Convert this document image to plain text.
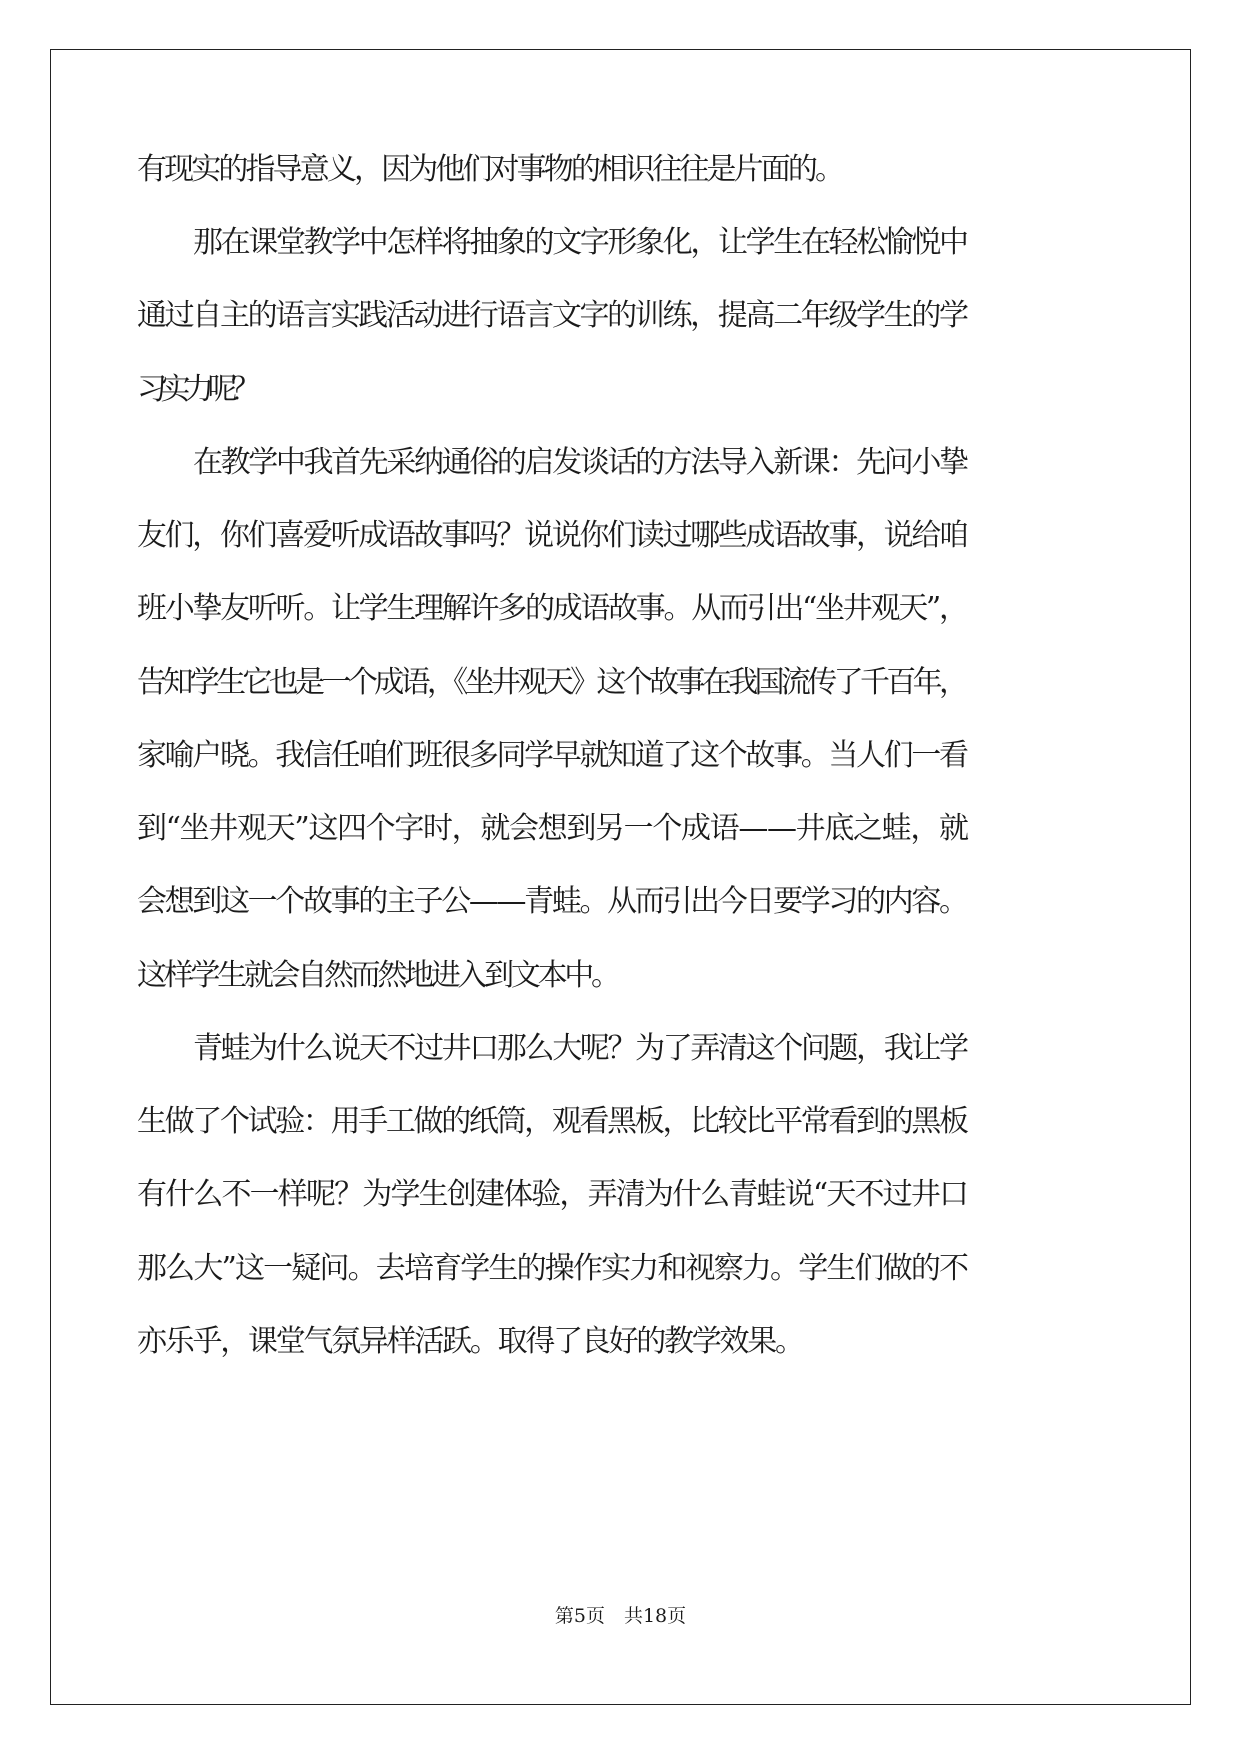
有现实的指导意义，因为他们对事物的相识往往是片面的。
那在课堂教学中怎样将抽象的文字形象化，让学生在轻松愉悦中
通过自主的语言实践活动进行语言文字的训练，提高二年级学生的学
习实力呢？
在教学中我首先采纳通俗的启发谈话的方法导入新课：先问小挚
友们，你们喜爱听成语故事吗？说说你们读过哪些成语故事，说给咱
班小挚友听听。让学生理解许多的成语故事。从而引出“坐井观天”，
告知学生它也是一个成语，《坐井观天》这个故事在我国流传了千百年，
家喻户晓。我信任咱们班很多同学早就知道了这个故事。当人们一看
到“坐井观天”这四个字时，就会想到另一个成语——井底之蛙，就
会想到这一个故事的主子公——青蛙。从而引出今日要学习的内容。
这样学生就会自然而然地进入到文本中。
青蛙为什么说天不过井口那么大呢？为了弄清这个问题，我让学
生做了个试验：用手工做的纸筒，观看黑板，比较比平常看到的黑板
有什么不一样呢？为学生创建体验，弄清为什么青蛙说“天不过井口
那么大”这一疑问。去培育学生的操作实力和视察力。学生们做的不
亦乐乎，课堂气氛异样活跃。取得了良好的教学效果。
第5页　共18页
